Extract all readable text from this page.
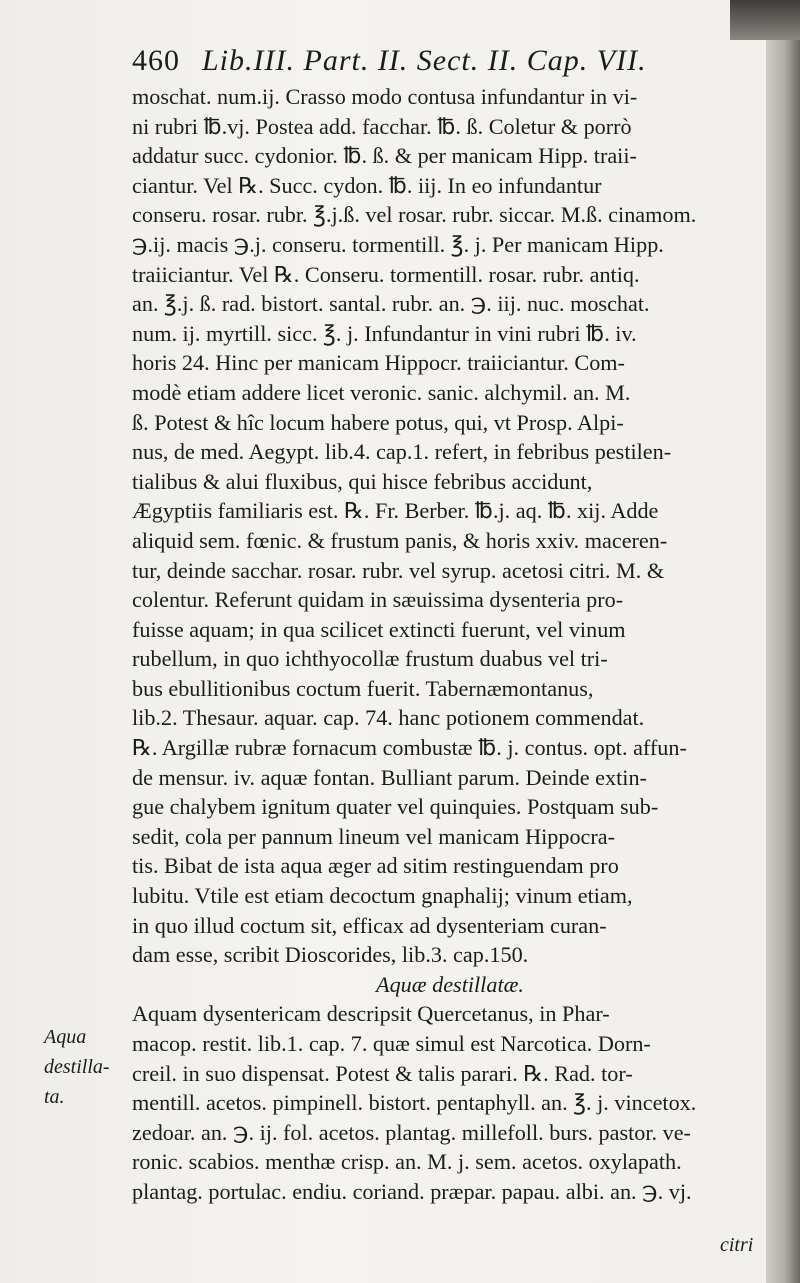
460 Lib.III. Part. II. Sect. II. Cap. VII.
moschat. num.ij. Crasso modo contusa infundantur in vi-
ni rubri ℔.vj. Postea add. facchar. ℔. ß. Coletur & porrò
addatur succ. cydonior. ℔. ß. & per manicam Hipp. traii-
ciantur. Vel ℞. Succ. cydon. ℔. iij. In eo infundantur
conseru. rosar. rubr. ℥.j.ß. vel rosar. rubr. siccar. M.ß. cinamom.
℈.ij. macis ℈.j. conseru. tormentill. ℥. j. Per manicam Hipp.
traiiciantur. Vel ℞. Conseru. tormentill. rosar. rubr. antiq.
an. ℥.j. ß. rad. bistort. santal. rubr. an. ℈. iij. nuc. moschat.
num. ij. myrtill. sicc. ℥. j. Infundantur in vini rubri ℔. iv.
horis 24. Hinc per manicam Hippocr. traiiciantur. Com-
modè etiam addere licet veronic. sanic. alchymil. an. M.
ß. Potest & hîc locum habere potus, qui, vt Prosp. Alpi-
nus, de med. Aegypt. lib.4. cap.1. refert, in febribus pestilen-
tialibus & alui fluxibus, qui hisce febribus accidunt,
Ægyptiis familiaris est. ℞. Fr. Berber. ℔.j. aq. ℔. xij. Adde
aliquid sem. fœnic. & frustum panis, & horis xxiv. maceren-
tur, deinde sacchar. rosar. rubr. vel syrup. acetosi citri. M. &
colentur. Referunt quidam in sæuissima dysenteria pro-
fuisse aquam; in qua scilicet extincti fuerunt, vel vinum
rubellum, in quo ichthyocollæ frustum duabus vel tri-
bus ebullitionibus coctum fuerit. Tabernæmontanus,
lib.2. Thesaur. aquar. cap. 74. hanc potionem commendat.
℞. Argillæ rubræ fornacum combustæ ℔. j. contus. opt. affun-
de mensur. iv. aquæ fontan. Bulliant parum. Deinde extin-
gue chalybem ignitum quater vel quinquies. Postquam sub-
sedit, cola per pannum lineum vel manicam Hippocra-
tis. Bibat de ista aqua æger ad sitim restinguendam pro
lubitu. Vtile est etiam decoctum gnaphalij; vinum etiam,
in quo illud coctum sit, efficax ad dysenteriam curan-
dam esse, scribit Dioscorides, lib.3. cap.150.
Aquæ destillatæ.
Aquam dysentericam descripsit Quercetanus, in Phar-
macop. restit. lib.1. cap. 7. quæ simul est Narcotica. Dorn-
creil. in suo dispensat. Potest & talis parari. ℞. Rad. tor-
mentill. acetos. pimpinell. bistort. pentaphyll. an. ℥. j. vincetox.
zedoar. an. ℈. ij. fol. acetos. plantag. millefoll. burs. pastor. ve-
ronic. scabios. menthæ crisp. an. M. j. sem. acetos. oxylapath.
plantag. portulac. endiu. coriand. præpar. papau. albi. an. ℈. vj.
Aqua
destilla-
ta.
citri
